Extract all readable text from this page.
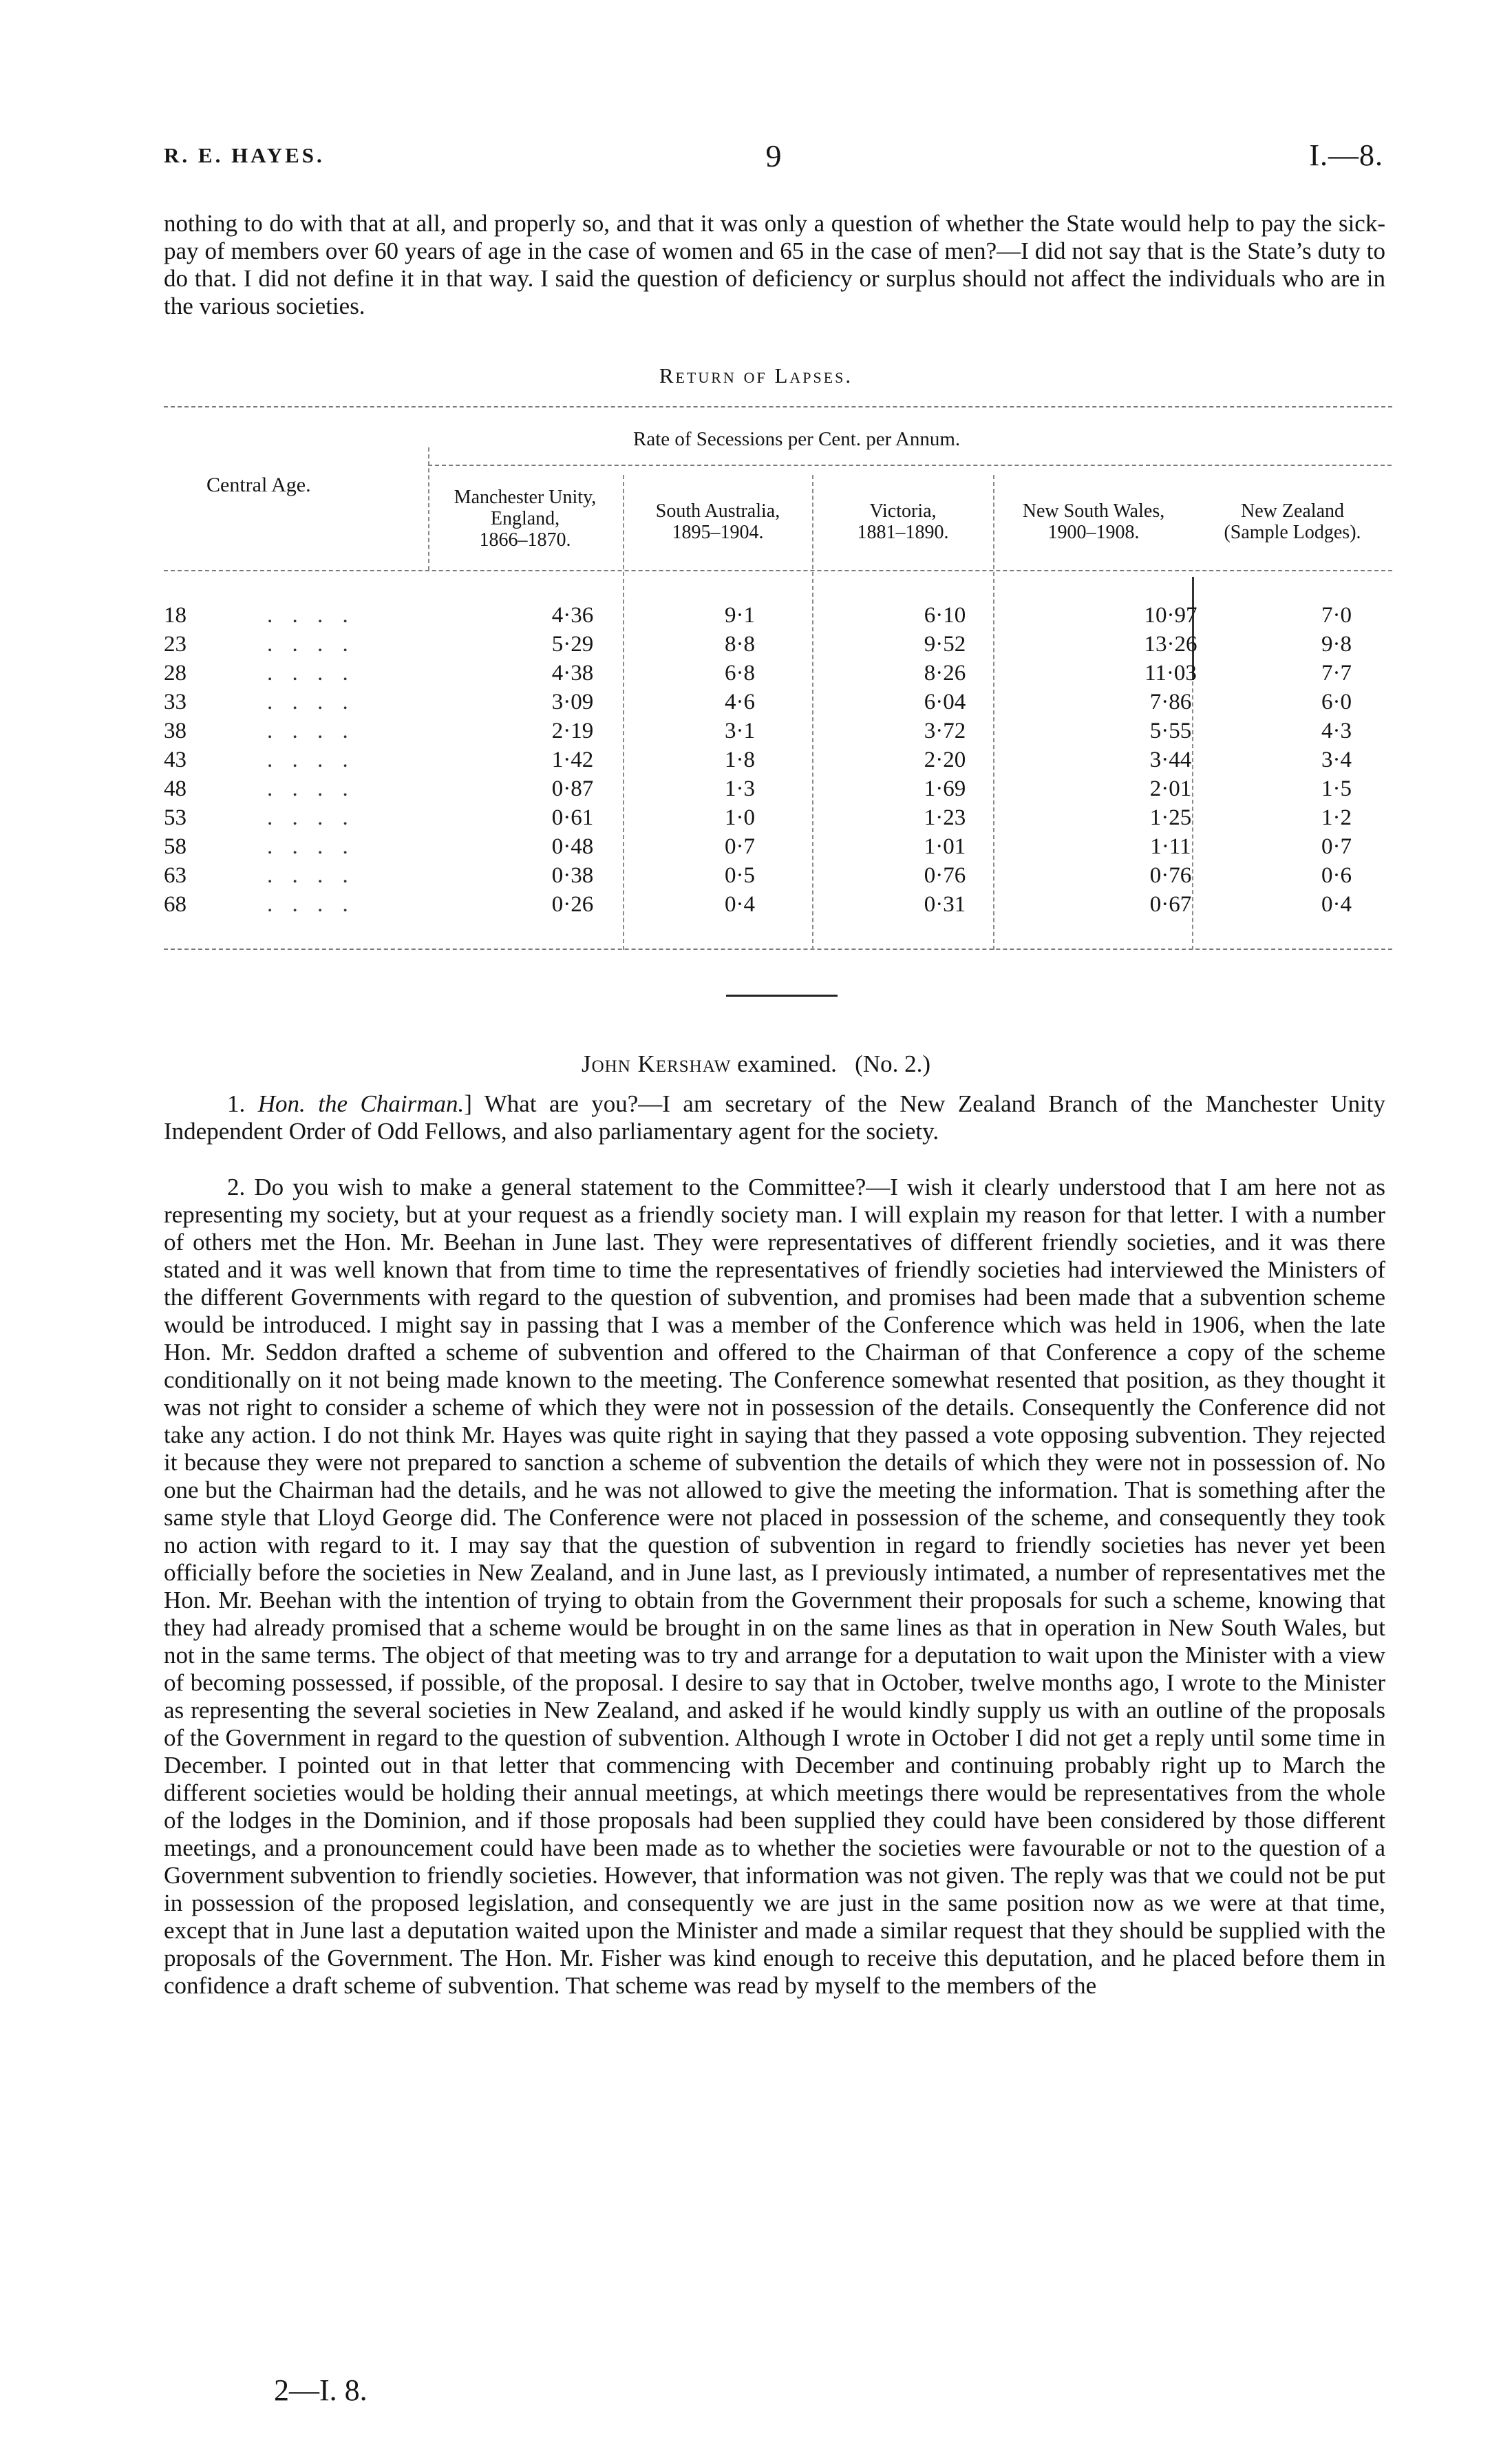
R. E. HAYES.	9	I.—8.

nothing to do with that at all, and properly so, and that it was only a question of whether the State would help to pay the sick-pay of members over 60 years of age in the case of women and 65 in the case of men?—I did not say that is the State’s duty to do that. I did not define it in that way. I said the question of deficiency or surplus should not affect the individuals who are in the various societies.

Return of Lapses.
Central Age.
Rate of Secessions per Cent. per Annum.
Manchester Unity,
England,
1866–1870.
South Australia,
1895–1904.
Victoria,
1881–1890.
New South Wales,
1900–1908.
New Zealand
(Sample Lodges).
18	. . . .	4·36	9·1	6·10	10·97	7·0
23	. . . .	5·29	8·8	9·52	13·26	9·8
28	. . . .	4·38	6·8	8·26	11·03	7·7
33	. . . .	3·09	4·6	6·04	7·86	6·0
38	. . . .	2·19	3·1	3·72	5·55	4·3
43	. . . .	1·42	1·8	2·20	3·44	3·4
48	. . . .	0·87	1·3	1·69	2·01	1·5
53	. . . .	0·61	1·0	1·23	1·25	1·2
58	. . . .	0·48	0·7	1·01	1·11	0·7
63	. . . .	0·38	0·5	0·76	0·76	0·6
68	. . . .	0·26	0·4	0·31	0·67	0·4
John Kershaw examined. (No. 2.)

1. Hon. the Chairman.] What are you?—I am secretary of the New Zealand Branch of the Manchester Unity Independent Order of Odd Fellows, and also parliamentary agent for the society.

2. Do you wish to make a general statement to the Committee?—I wish it clearly understood that I am here not as representing my society, but at your request as a friendly society man. I will explain my reason for that letter. I with a number of others met the Hon. Mr. Beehan in June last. They were representatives of different friendly societies, and it was there stated and it was well known that from time to time the representatives of friendly societies had interviewed the Ministers of the different Governments with regard to the question of subvention, and promises had been made that a subvention scheme would be introduced. I might say in passing that I was a member of the Conference which was held in 1906, when the late Hon. Mr. Seddon drafted a scheme of subvention and offered to the Chairman of that Conference a copy of the scheme conditionally on it not being made known to the meeting. The Conference somewhat resented that position, as they thought it was not right to consider a scheme of which they were not in possession of the details. Consequently the Conference did not take any action. I do not think Mr. Hayes was quite right in saying that they passed a vote opposing subvention. They rejected it because they were not prepared to sanction a scheme of subvention the details of which they were not in possession of. No one but the Chairman had the details, and he was not allowed to give the meeting the information. That is something after the same style that Lloyd George did. The Conference were not placed in possession of the scheme, and consequently they took no action with regard to it. I may say that the question of subvention in regard to friendly societies has never yet been officially before the societies in New Zealand, and in June last, as I previously intimated, a number of representatives met the Hon. Mr. Beehan with the intention of trying to obtain from the Government their proposals for such a scheme, knowing that they had already promised that a scheme would be brought in on the same lines as that in operation in New South Wales, but not in the same terms. The object of that meeting was to try and arrange for a deputation to wait upon the Minister with a view of becoming possessed, if possible, of the proposal. I desire to say that in October, twelve months ago, I wrote to the Minister as representing the several societies in New Zealand, and asked if he would kindly supply us with an outline of the proposals of the Government in regard to the question of subvention. Although I wrote in October I did not get a reply until some time in December. I pointed out in that letter that commencing with December and continuing probably right up to March the different societies would be holding their annual meetings, at which meetings there would be representatives from the whole of the lodges in the Dominion, and if those proposals had been supplied they could have been considered by those different meetings, and a pronouncement could have been made as to whether the societies were favourable or not to the question of a Government subvention to friendly societies. However, that information was not given. The reply was that we could not be put in possession of the proposed legislation, and consequently we are just in the same position now as we were at that time, except that in June last a deputation waited upon the Minister and made a similar request that they should be supplied with the proposals of the Government. The Hon. Mr. Fisher was kind enough to receive this deputation, and he placed before them in confidence a draft scheme of subvention. That scheme was read by myself to the members of the

2—I. 8.
